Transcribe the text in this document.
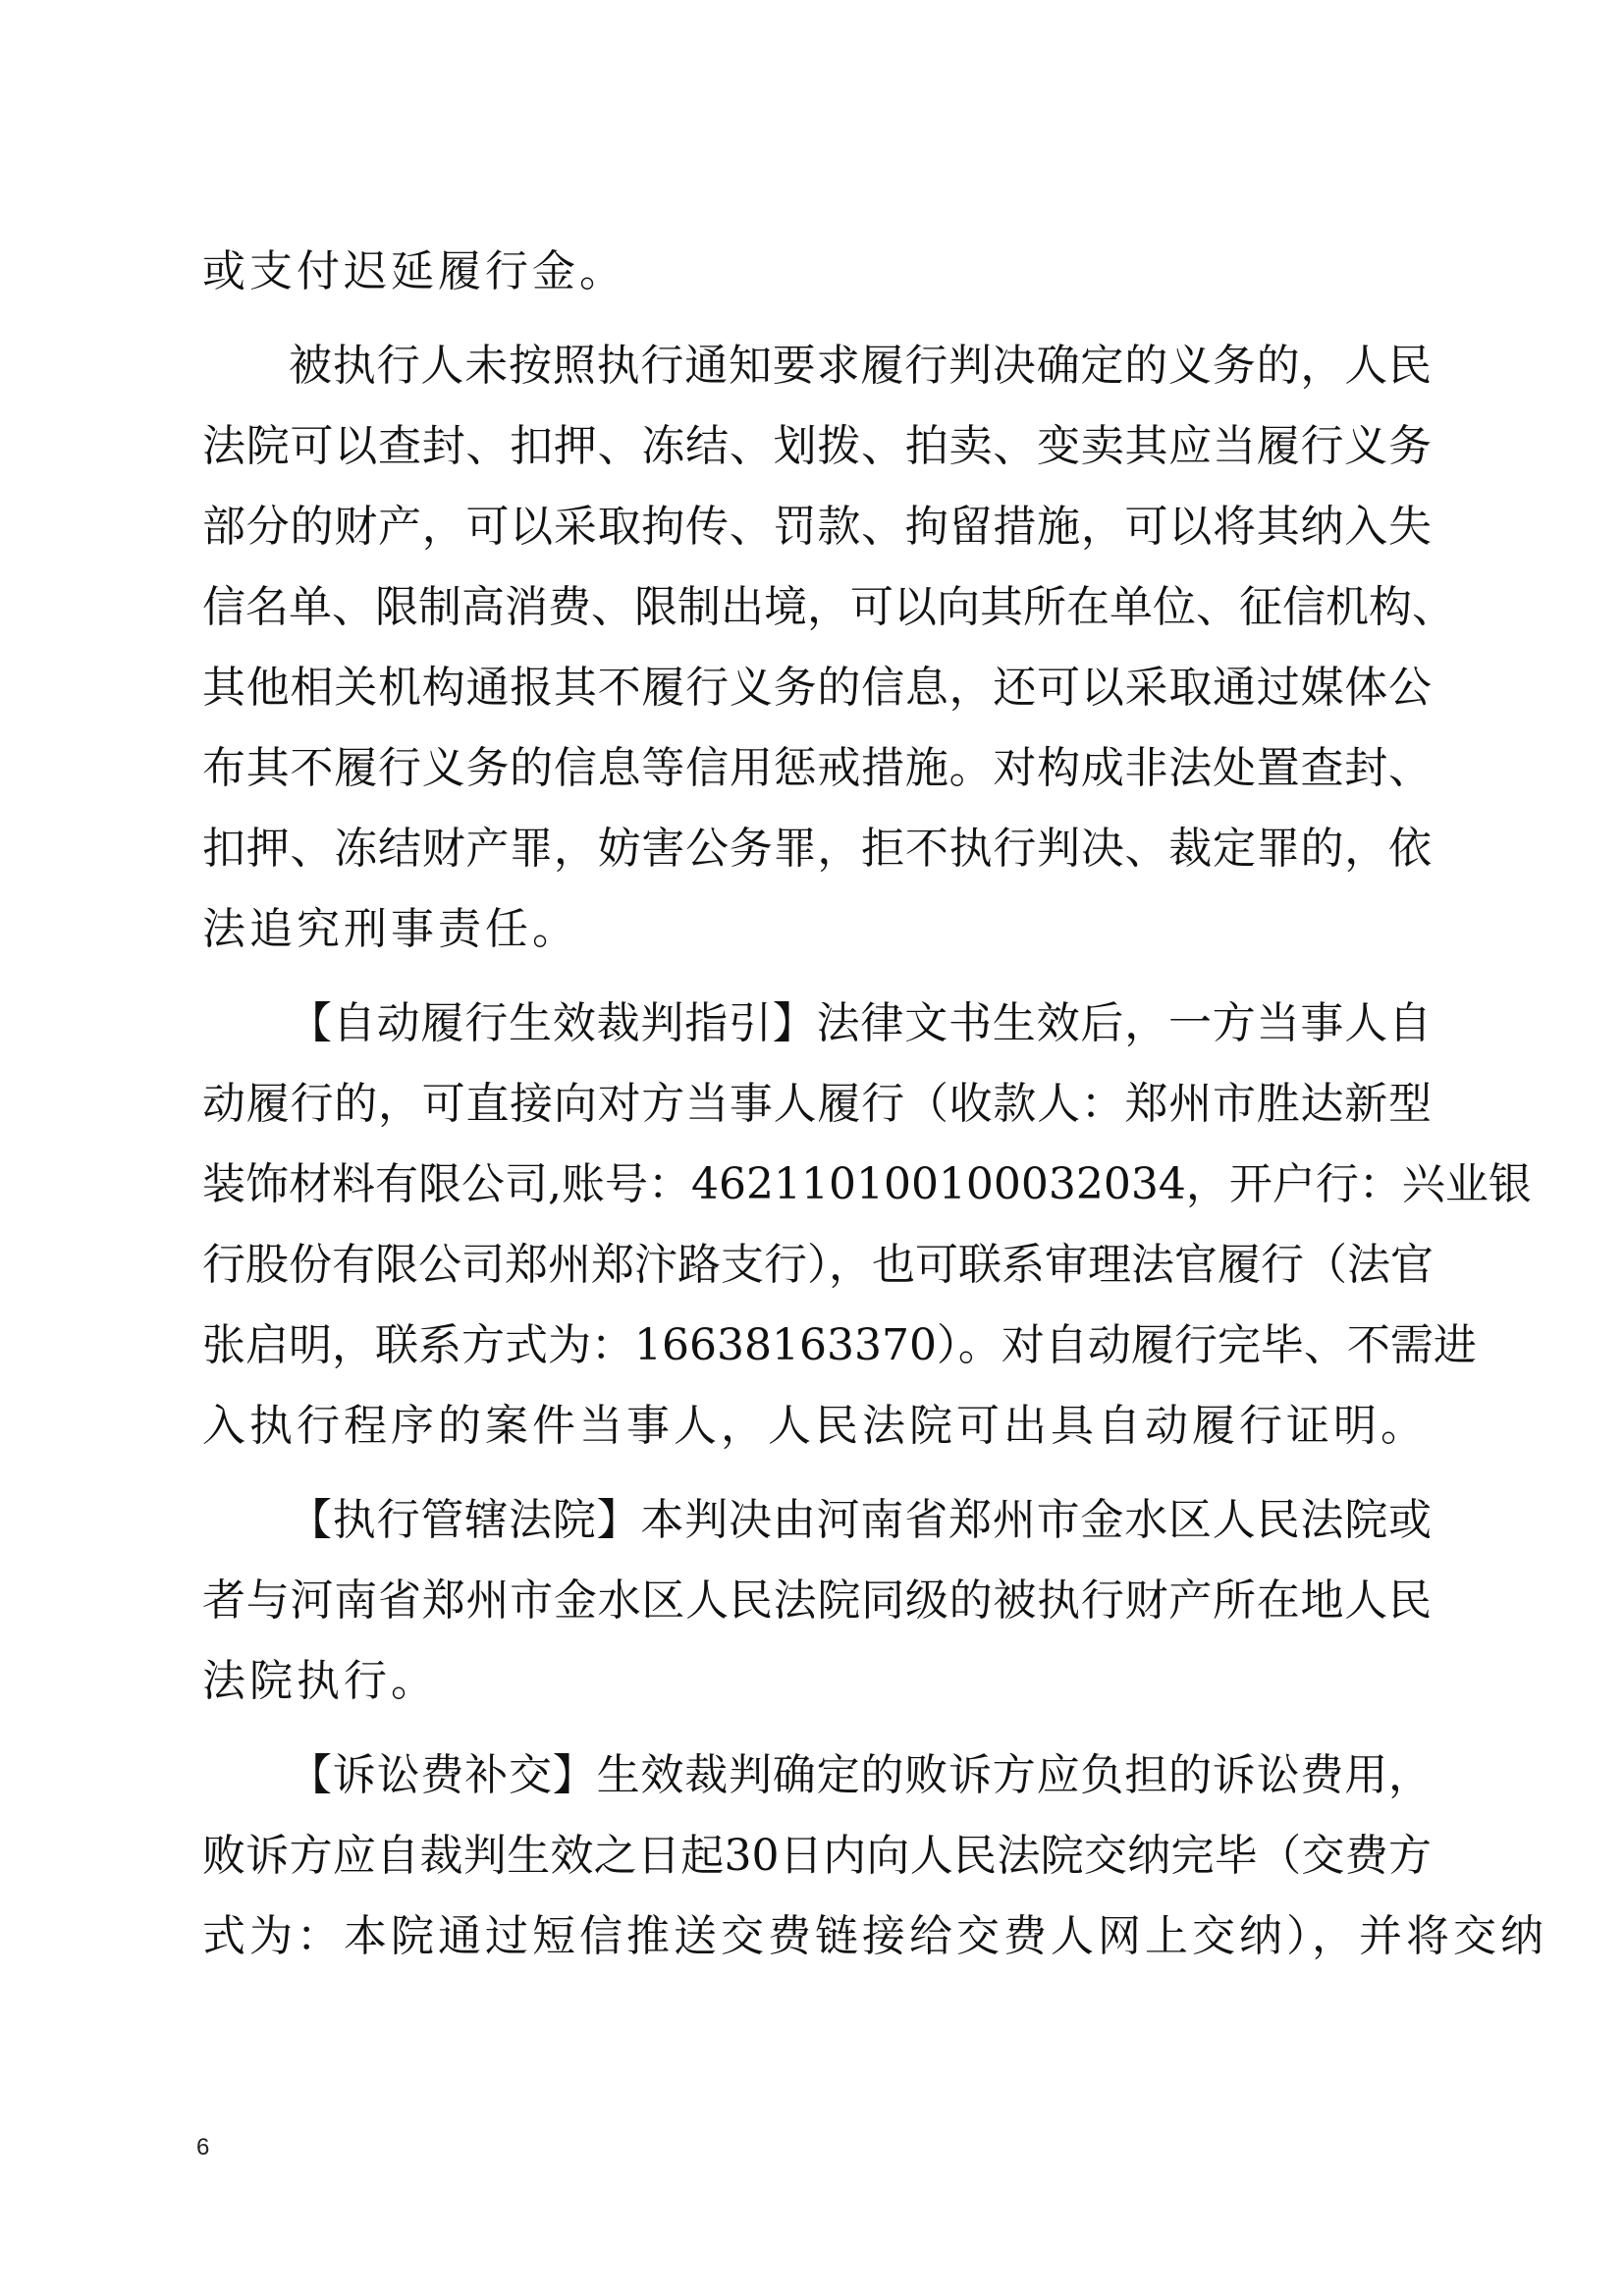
或支付迟延履行金。
被执行人未按照执行通知要求履行判决确定的义务的，人民
法院可以查封、扣押、冻结、划拨、拍卖、变卖其应当履行义务
部分的财产，可以采取拘传、罚款、拘留措施，可以将其纳入失
信名单、限制高消费、限制出境，可以向其所在单位、征信机构、
其他相关机构通报其不履行义务的信息，还可以采取通过媒体公
布其不履行义务的信息等信用惩戒措施。对构成非法处置查封、
扣押、冻结财产罪，妨害公务罪，拒不执行判决、裁定罪的，依
法追究刑事责任。
【自动履行生效裁判指引】法律文书生效后，一方当事人自
动履行的，可直接向对方当事人履行（收款人：郑州市胜达新型
装饰材料有限公司,账号：462110100100032034，开户行：兴业银
行股份有限公司郑州郑汴路支行），也可联系审理法官履行（法官
张启明，联系方式为：16638163370）。对自动履行完毕、不需进
入执行程序的案件当事人，人民法院可出具自动履行证明。
【执行管辖法院】本判决由河南省郑州市金水区人民法院或
者与河南省郑州市金水区人民法院同级的被执行财产所在地人民
法院执行。
【诉讼费补交】生效裁判确定的败诉方应负担的诉讼费用，
败诉方应自裁判生效之日起30日内向人民法院交纳完毕（交费方
式为：本院通过短信推送交费链接给交费人网上交纳），并将交纳
6
